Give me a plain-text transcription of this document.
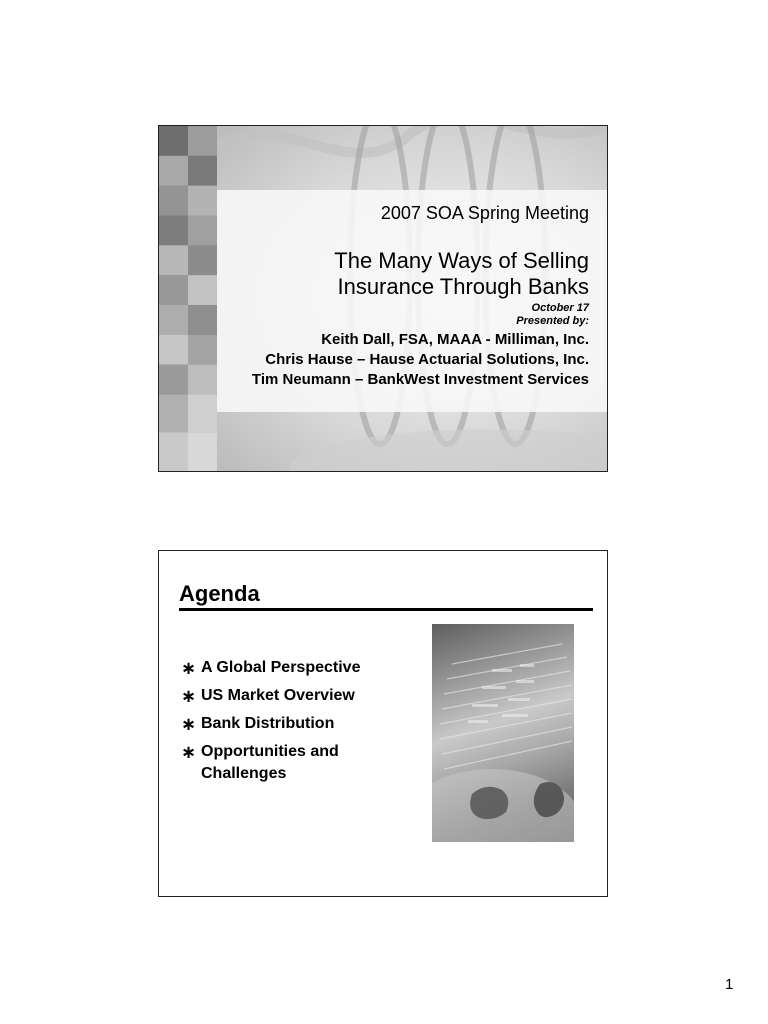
2007 SOA Spring Meeting

The Many Ways of Selling
Insurance Through Banks

October 17
Presented by:
Keith Dall, FSA, MAAA - Milliman, Inc.
Chris Hause – Hause Actuarial Solutions, Inc.
Tim Neumann – BankWest Investment Services
Agenda
∗ A Global Perspective
∗ US Market Overview
∗ Bank Distribution
∗ Opportunities and Challenges
1
